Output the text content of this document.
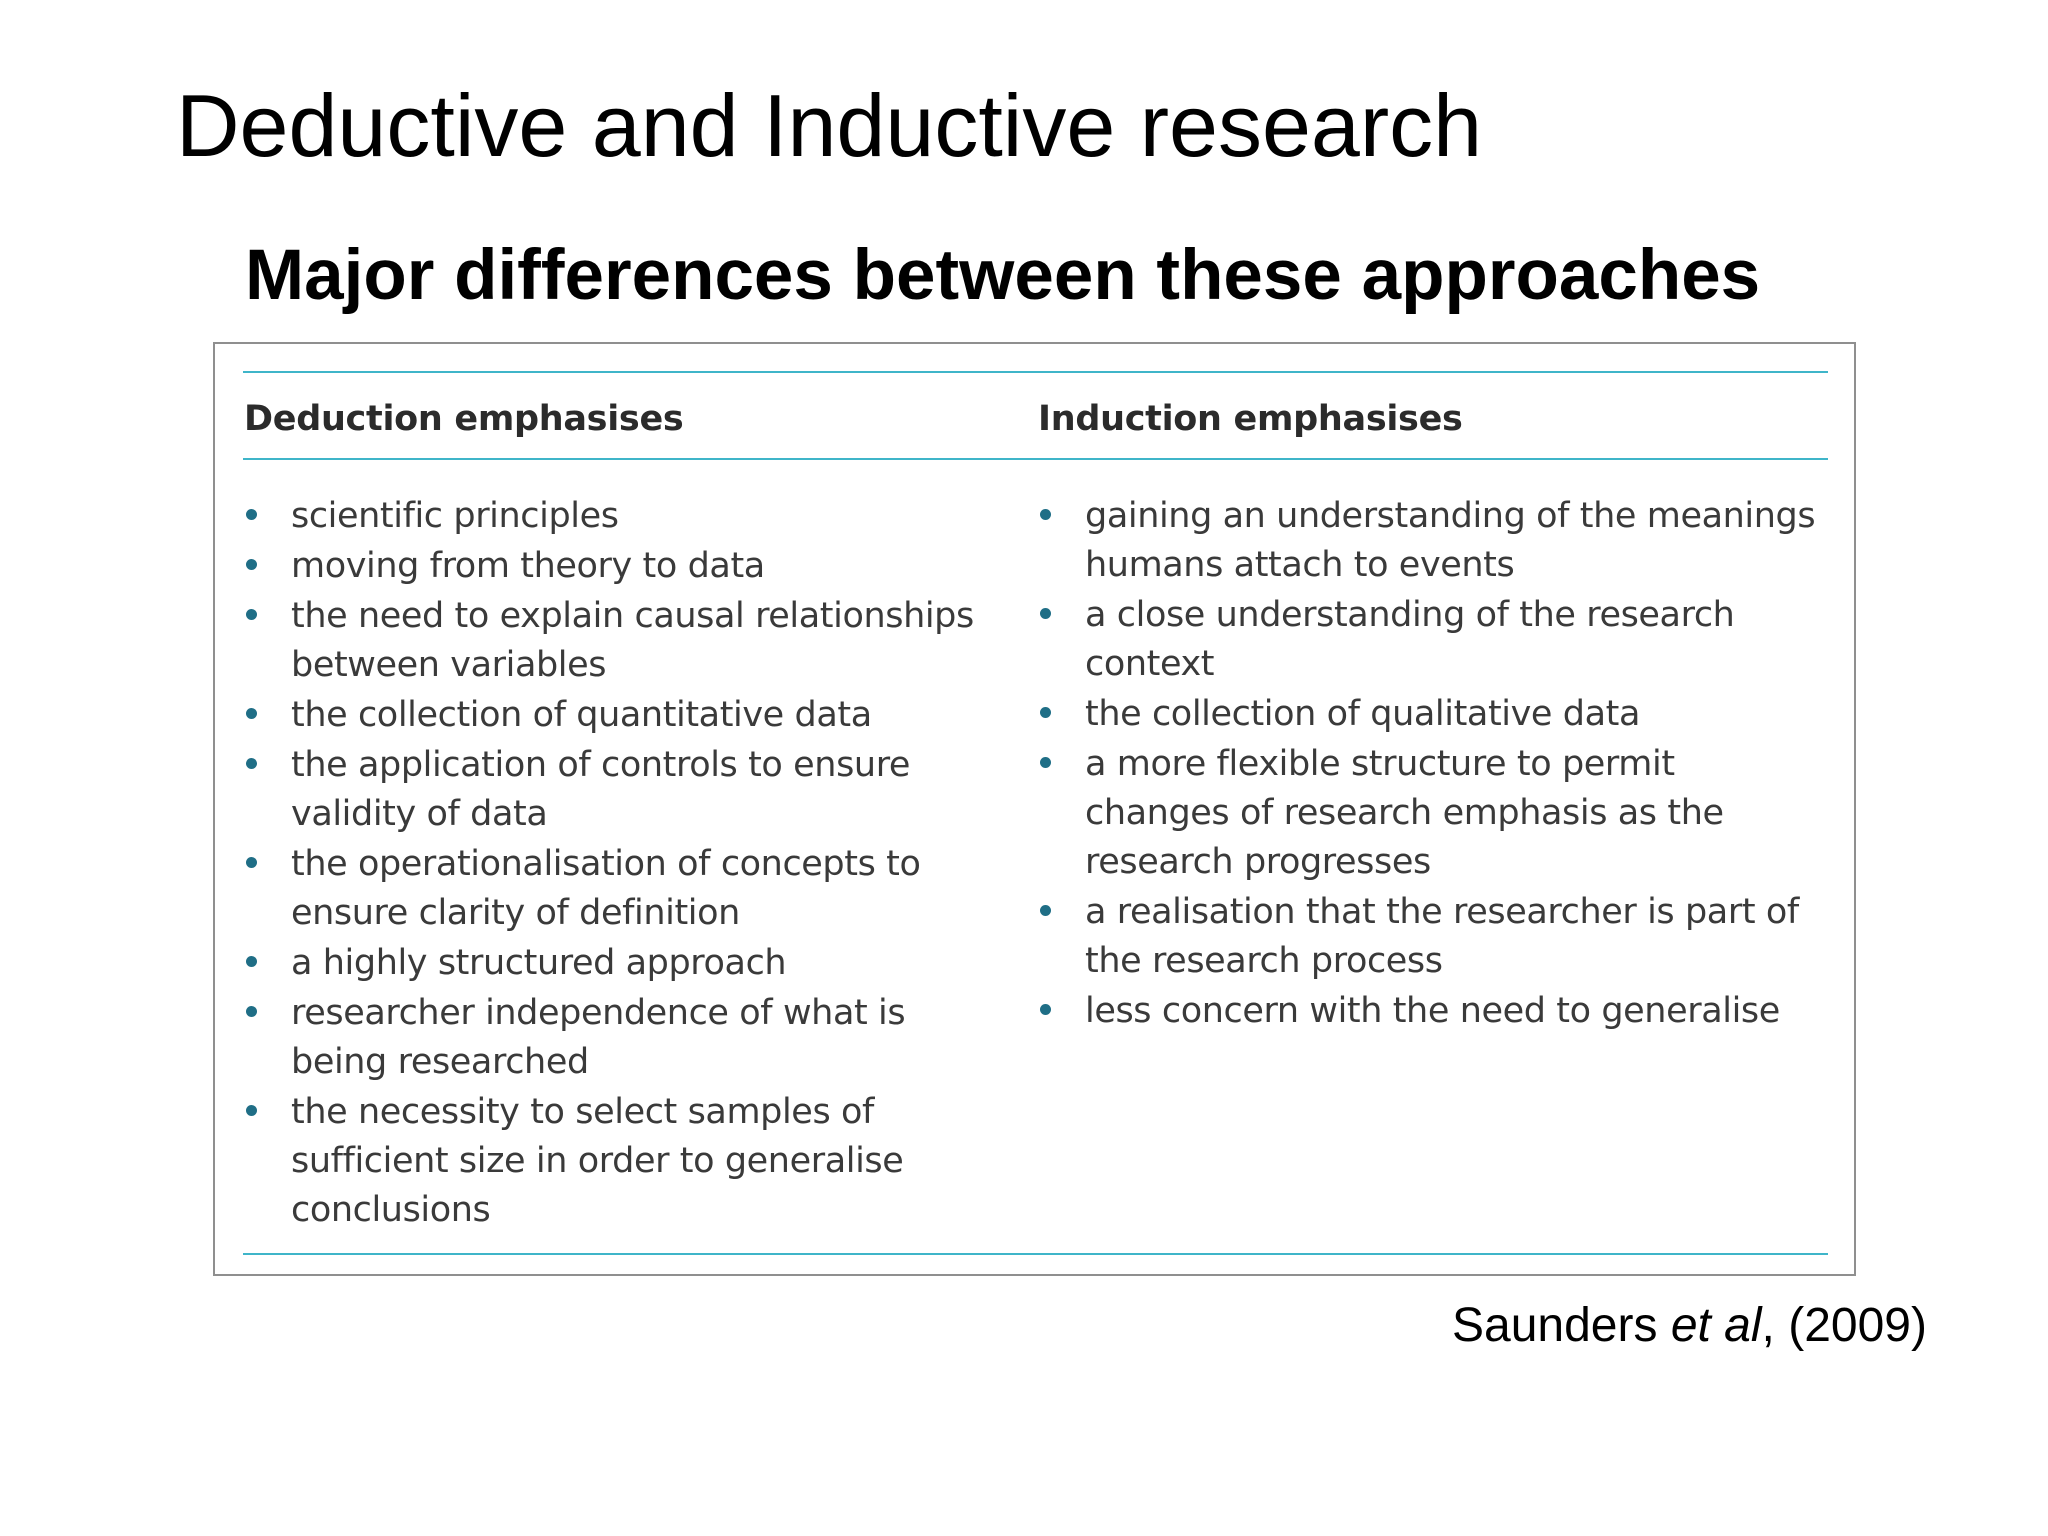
Deductive and Inductive research
Major differences between these approaches
Deduction emphasises	Induction emphasises
scientific principles
moving from theory to data
the need to explain causal relationships between variables
the collection of quantitative data
the application of controls to ensure validity of data
the operationalisation of concepts to ensure clarity of definition
a highly structured approach
researcher independence of what is being researched
the necessity to select samples of sufficient size in order to generalise conclusions
gaining an understanding of the meanings humans attach to events
a close understanding of the research context
the collection of qualitative data
a more flexible structure to permit changes of research emphasis as the research progresses
a realisation that the researcher is part of the research process
less concern with the need to generalise
Saunders et al, (2009)
